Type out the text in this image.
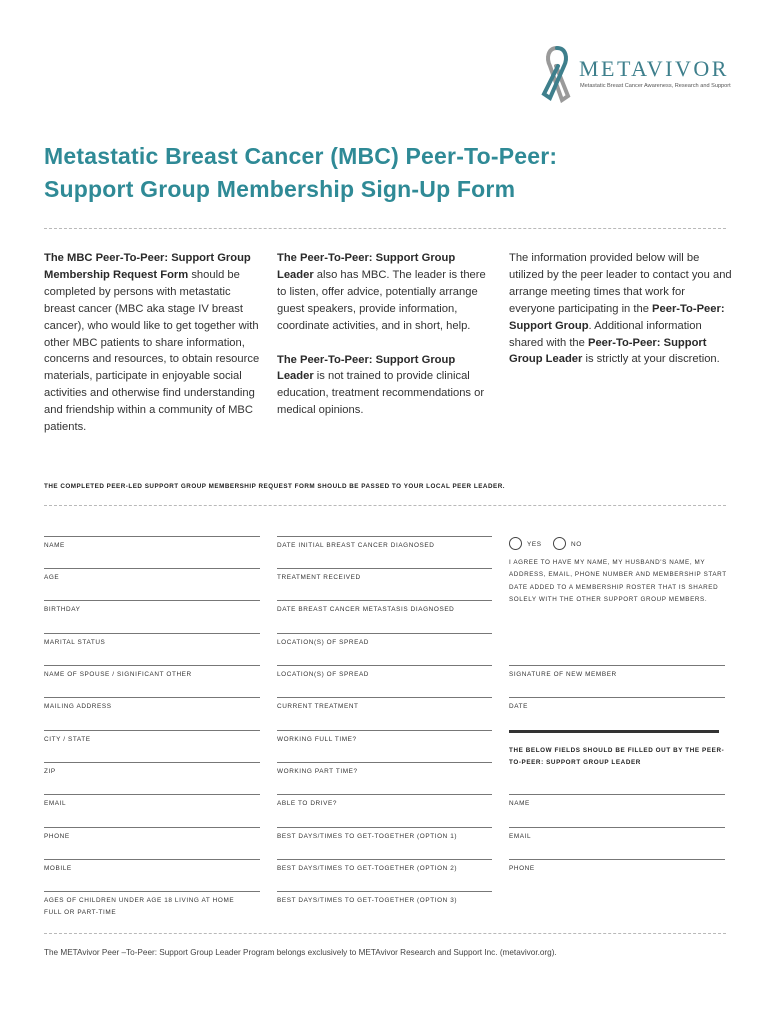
METAVIVOR
Metastatic Breast Cancer Awareness, Research and Support
Metastatic Breast Cancer (MBC) Peer-To-Peer:
Support Group Membership Sign-Up Form

The MBC Peer-To-Peer: Support Group Membership Request Form should be completed by persons with metastatic breast cancer (MBC aka stage IV breast cancer), who would like to get together with other MBC patients to share information, concerns and resources, to obtain resource materials, participate in enjoyable social activities and otherwise find understanding and friendship within a community of MBC patients.

The Peer-To-Peer: Support Group Leader also has MBC. The leader is there to listen, offer advice, potentially arrange guest speakers, provide information, coordinate activities, and in short, help.

The Peer-To-Peer: Support Group Leader is not trained to provide clinical education, treatment recommendations or medical opinions.

The information provided below will be utilized by the peer leader to contact you and arrange meeting times that work for everyone participating in the Peer-To-Peer: Support Group. Additional information shared with the Peer-To-Peer: Support Group Leader is strictly at your discretion.

THE COMPLETED PEER-LED SUPPORT GROUP MEMBERSHIP REQUEST FORM SHOULD BE PASSED TO YOUR LOCAL PEER LEADER.
NAME
AGE
BIRTHDAY
MARITAL STATUS
NAME OF SPOUSE / SIGNIFICANT OTHER
MAILING ADDRESS
CITY / STATE
ZIP
EMAIL
PHONE
MOBILE
AGES OF CHILDREN UNDER AGE 18 LIVING AT HOME
FULL OR PART-TIME
DATE INITIAL BREAST CANCER DIAGNOSED
TREATMENT RECEIVED
DATE BREAST CANCER METASTASIS DIAGNOSED
LOCATION(S) OF SPREAD
LOCATION(S) OF SPREAD
CURRENT TREATMENT
WORKING FULL TIME?
WORKING PART TIME?
ABLE TO DRIVE?
BEST DAYS/TIMES TO GET-TOGETHER (OPTION 1)
BEST DAYS/TIMES TO GET-TOGETHER (OPTION 2)
BEST DAYS/TIMES TO GET-TOGETHER (OPTION 3)
YES	NO
I AGREE TO HAVE MY NAME, MY HUSBAND'S NAME, MY ADDRESS, EMAIL, PHONE NUMBER AND MEMBERSHIP START DATE ADDED TO A MEMBERSHIP ROSTER THAT IS SHARED SOLELY WITH THE OTHER SUPPORT GROUP MEMBERS.
SIGNATURE OF NEW MEMBER
DATE
THE BELOW FIELDS SHOULD BE FILLED OUT BY THE PEER-TO-PEER: SUPPORT GROUP LEADER
NAME
EMAIL
PHONE
The METAvivor Peer –To-Peer: Support Group Leader Program belongs exclusively to METAvivor Research and Support Inc. (metavivor.org).
